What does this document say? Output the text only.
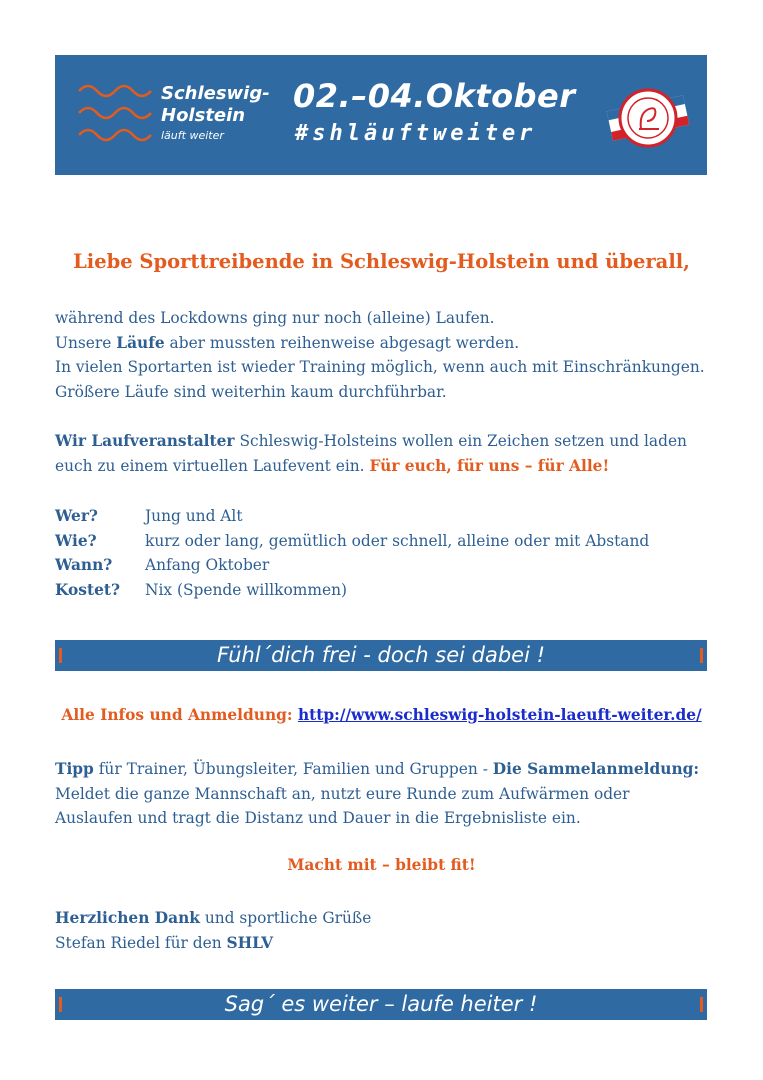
Schleswig-
Holstein
läuft weiter
02.–04.Oktober
#shläuftweiter
Liebe Sporttreibende in Schleswig-Holstein und überall,

während des Lockdowns ging nur noch (alleine) Laufen.

Unsere Läufe aber mussten reihenweise abgesagt werden.

In vielen Sportarten ist wieder Training möglich, wenn auch mit Einschränkungen.

Größere Läufe sind weiterhin kaum durchführbar.

Wir Laufveranstalter Schleswig-Holsteins wollen ein Zeichen setzen und laden

euch zu einem virtuellen Laufevent ein. Für euch, für uns – für Alle!

Wer?	Jung und Alt
Wie?	kurz oder lang, gemütlich oder schnell, alleine oder mit Abstand
Wann? Anfang Oktober
Kostet? Nix (Spende willkommen)
Fühl´dich frei - doch sei dabei !

Alle Infos und Anmeldung: http://www.schleswig-holstein-laeuft-weiter.de/

Tipp für Trainer, Übungsleiter, Familien und Gruppen - Die Sammelanmeldung:

Meldet die ganze Mannschaft an, nutzt eure Runde zum Aufwärmen oder

Auslaufen und tragt die Distanz und Dauer in die Ergebnisliste ein.

Macht mit – bleibt fit!

Herzlichen Dank und sportliche Grüße

Stefan Riedel für den SHLV

Sag´ es weiter – laufe heiter !
